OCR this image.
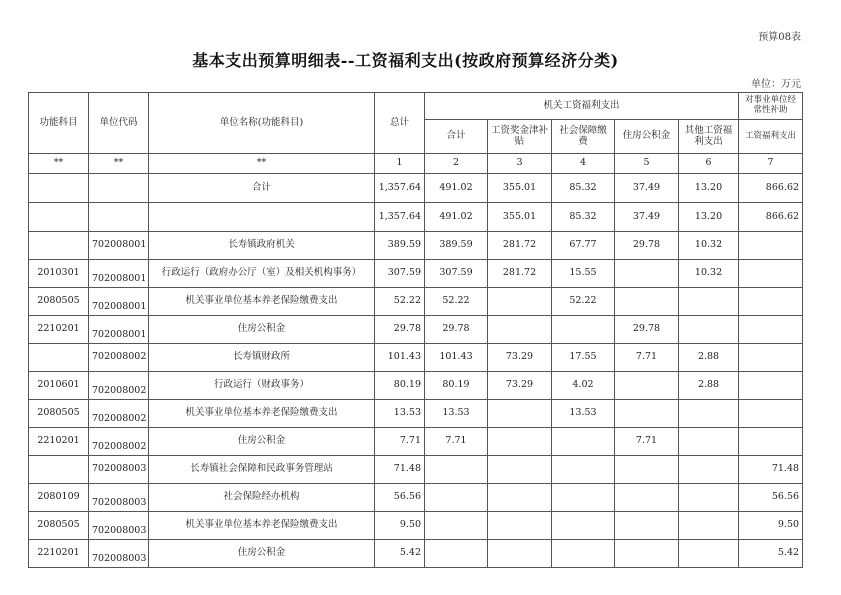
预算08表
基本支出预算明细表--工资福利支出(按政府预算经济分类)
单位：万元
功能科目	单位代码	单位名称(功能科目)	总计	机关工资福利支出					对事业单位经常性补助
				合计	工资奖金津补贴	社会保障缴费	住房公积金	其他工资福利支出	工资福利支出
**	**	**	1	2	3	4	5	6	7
		合计	1,357.64	491.02	355.01	85.32	37.49	13.20	866.62
			1,357.64	491.02	355.01	85.32	37.49	13.20	866.62
	702008001	长寿镇政府机关	389.59	389.59	281.72	67.77	29.78	10.32	
2010301	702008001	行政运行（政府办公厅（室）及相关机构事务）	307.59	307.59	281.72	15.55		10.32	
2080505	702008001	机关事业单位基本养老保险缴费支出	52.22	52.22		52.22			
2210201	702008001	住房公积金	29.78	29.78			29.78		
	702008002	长寿镇财政所	101.43	101.43	73.29	17.55	7.71	2.88	
2010601	702008002	行政运行（财政事务）	80.19	80.19	73.29	4.02		2.88	
2080505	702008002	机关事业单位基本养老保险缴费支出	13.53	13.53		13.53			
2210201	702008002	住房公积金	7.71	7.71			7.71		
	702008003	长寿镇社会保障和民政事务管理站	71.48						71.48
2080109	702008003	社会保险经办机构	56.56						56.56
2080505	702008003	机关事业单位基本养老保险缴费支出	9.50						9.50
2210201	702008003	住房公积金	5.42						5.42
